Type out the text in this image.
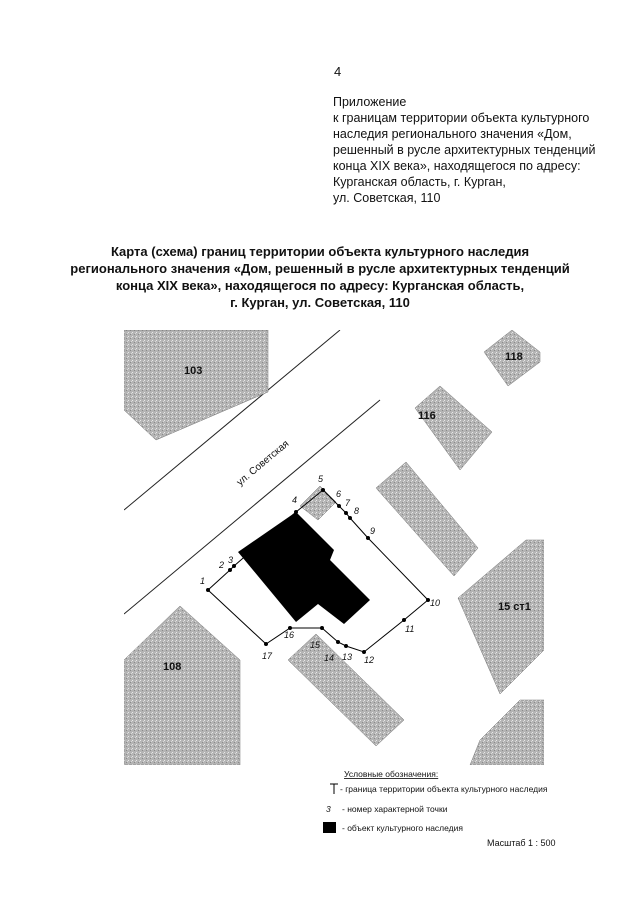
4
Приложение
к границам территории объекта культурного
наследия регионального значения «Дом,
решенный в русле архитектурных тенденций
конца XIX века», находящегося по адресу:
Курганская область, г. Курган,
ул. Советская, 110
Карта (схема) границ территории объекта культурного наследия
регионального значения «Дом, решенный в русле архитектурных тенденций
конца XIX века», находящегося по адресу: Курганская область,
г. Курган, ул. Советская, 110
1
2 3
4
5
6
7
8
9
10
11
12
13
14
15
16
17
103
118
116
15 ст1
108
ул. Советская
Условные обозначения:
- граница территории объекта культурного наследия
3 - номер характерной точки
- объект культурного наследия
Масштаб 1 : 500
